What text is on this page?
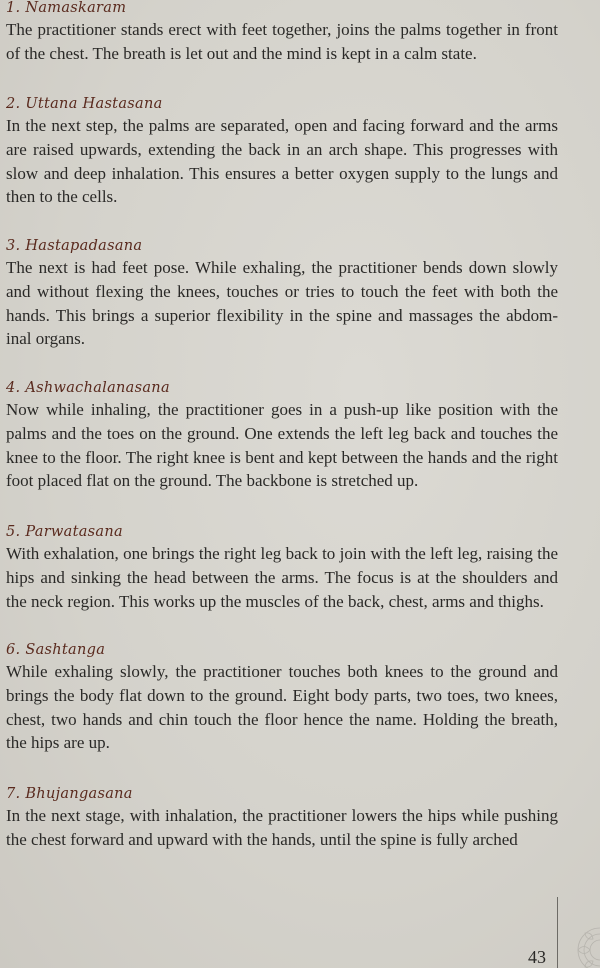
1. Namaskaram

The practitioner stands erect with feet together, joins the palms together in front of the chest. The breath is let out and the mind is kept in a calm state.

2. Uttana Hastasana

In the next step, the palms are separated, open and facing forward and the arms are raised upwards, extending the back in an arch shape. This progresses with slow and deep inhalation. This ensures a better oxygen supply to the lungs and then to the cells.

3. Hastapadasana

The next is had feet pose. While exhaling, the practitioner bends down slowly and without flexing the knees, touches or tries to touch the feet with both the hands. This brings a superior flexibility in the spine and massages the abdom-inal organs.

4. Ashwachalanasana

Now while inhaling, the practitioner goes in a push-up like position with the palms and the toes on the ground. One extends the left leg back and touches the knee to the floor. The right knee is bent and kept between the hands and the right foot placed flat on the ground. The backbone is stretched up.

5. Parwatasana

With exhalation, one brings the right leg back to join with the left leg, raising the hips and sinking the head between the arms. The focus is at the shoulders and the neck region. This works up the muscles of the back, chest, arms and thighs.

6. Sashtanga

While exhaling slowly, the practitioner touches both knees to the ground and brings the body flat down to the ground. Eight body parts, two toes, two knees, chest, two hands and chin touch the floor hence the name. Holding the breath, the hips are up.

7. Bhujangasana

In the next stage, with inhalation, the practitioner lowers the hips while pushing the chest forward and upward with the hands, until the spine is fully arched

43
